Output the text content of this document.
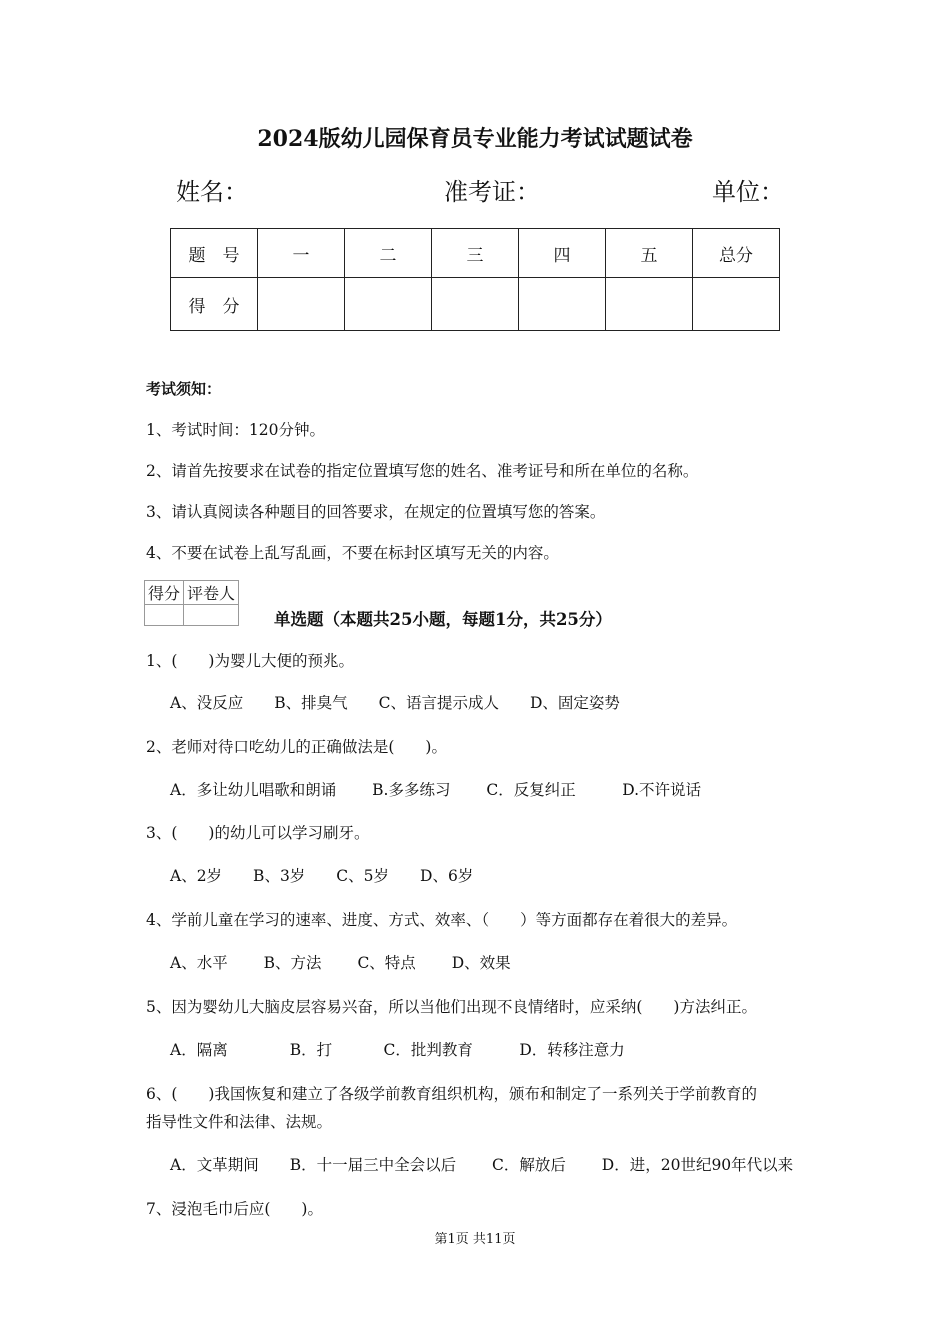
2024版幼儿园保育员专业能力考试试题试卷
姓名：	准考证：	单位：
题　号	一	二	三	四	五	总分
得　分						
考试须知：
1、考试时间：120分钟。
2、请首先按要求在试卷的指定位置填写您的姓名、准考证号和所在单位的名称。
3、请认真阅读各种题目的回答要求，在规定的位置填写您的答案。
4、不要在试卷上乱写乱画，不要在标封区填写无关的内容。
得分	评卷人

单选题（本题共25小题，每题1分，共25分）
1、(　　)为婴儿大便的预兆。
A、没反应　　B、排臭气　　C、语言提示成人　　D、固定姿势
2、老师对待口吃幼儿的正确做法是(　　)。
A．多让幼儿唱歌和朗诵　　 B.多多练习　　 C．反复纠正　　　D.不许说话
3、(　　)的幼儿可以学习刷牙。
A、2岁　　B、3岁　　C、5岁　　D、6岁
4、学前儿童在学习的速率、进度、方式、效率、（　　）等方面都存在着很大的差异。
A、水平　　 B、方法　　 C、特点　　 D、效果
5、因为婴幼儿大脑皮层容易兴奋，所以当他们出现不良情绪时，应采纳(　　)方法纠正。
A．隔离　　　　B．打　　　 C．批判教育　　　D．转移注意力
6、(　　)我国恢复和建立了各级学前教育组织机构，颁布和制定了一系列关于学前教育的
指导性文件和法律、法规。
A．文革期间　　B．十一届三中全会以后　　 C．解放后　　 D．进，20世纪90年代以来
7、浸泡毛巾后应(　　)。
第1页 共11页
